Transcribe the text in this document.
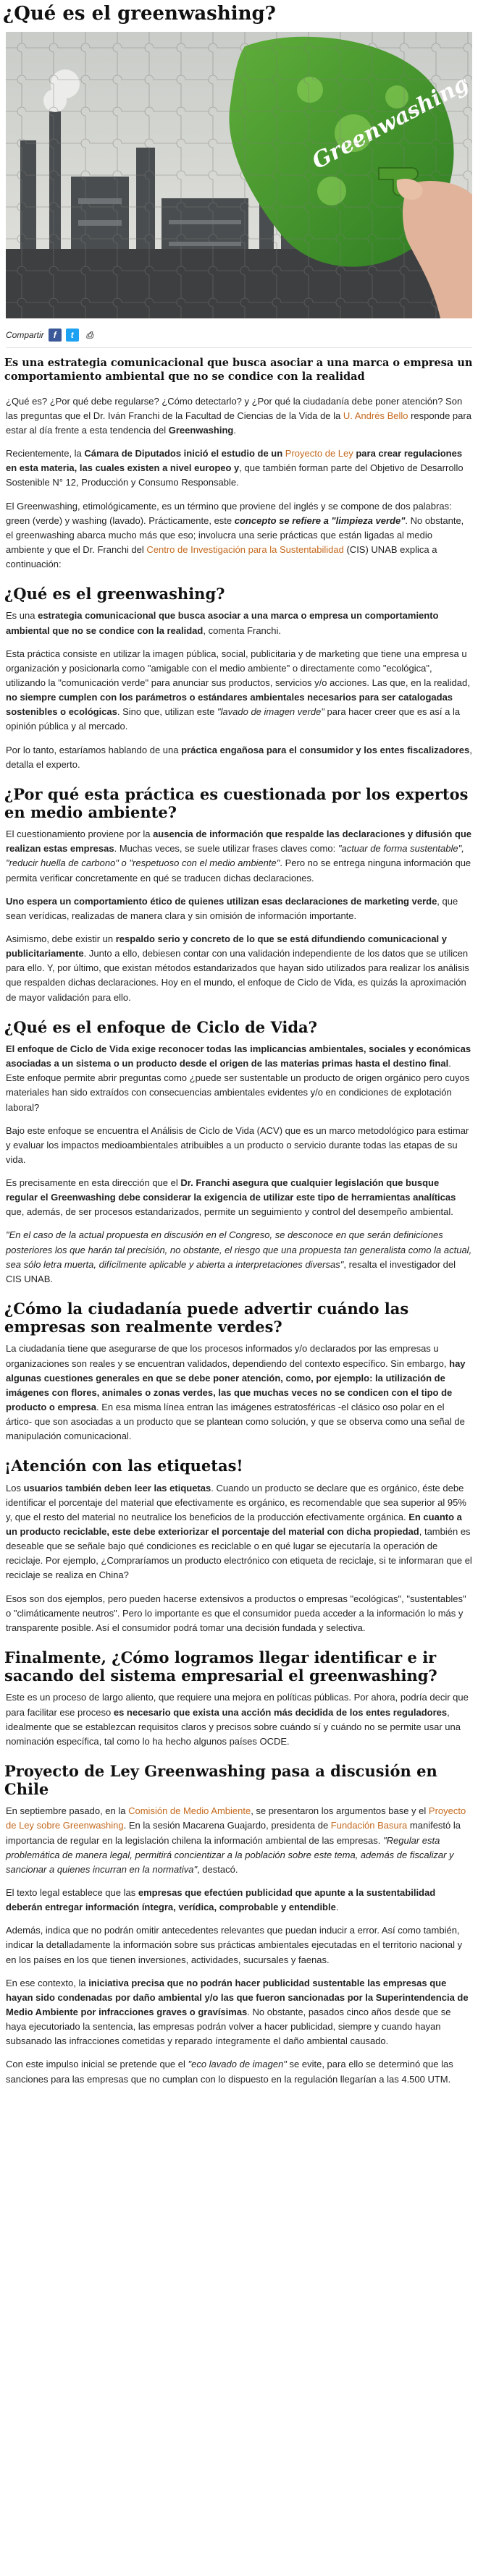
¿Qué es el greenwashing?
Compartir	f	t	⎙

Es una estrategia comunicacional que busca asociar a una marca o empresa un comportamiento ambiental que no se condice con la realidad

¿Qué es? ¿Por qué debe regularse? ¿Cómo detectarlo? y ¿Por qué la ciudadanía debe poner atención? Son las preguntas que el Dr. Iván Franchi de la Facultad de Ciencias de la Vida de la U. Andrés Bello responde para estar al día frente a esta tendencia del Greenwashing.

Recientemente, la Cámara de Diputados inició el estudio de un Proyecto de Ley para crear regulaciones en esta materia, las cuales existen a nivel europeo y, que también forman parte del Objetivo de Desarrollo Sostenible N° 12, Producción y Consumo Responsable.

El Greenwashing, etimológicamente, es un término que proviene del inglés y se compone de dos palabras: green (verde) y washing (lavado). Prácticamente, este concepto se refiere a "limpieza verde". No obstante, el greenwashing abarca mucho más que eso; involucra una serie prácticas que están ligadas al medio ambiente y que el Dr. Franchi del Centro de Investigación para la Sustentabilidad (CIS) UNAB explica a continuación:

¿Qué es el greenwashing?

Es una estrategia comunicacional que busca asociar a una marca o empresa un comportamiento ambiental que no se condice con la realidad, comenta Franchi.

Esta práctica consiste en utilizar la imagen pública, social, publicitaria y de marketing que tiene una empresa u organización y posicionarla como "amigable con el medio ambiente" o directamente como "ecológica", utilizando la "comunicación verde" para anunciar sus productos, servicios y/o acciones. Las que, en la realidad, no siempre cumplen con los parámetros o estándares ambientales necesarios para ser catalogadas sostenibles o ecológicas. Sino que, utilizan este "lavado de imagen verde" para hacer creer que es así a la opinión pública y al mercado.

Por lo tanto, estaríamos hablando de una práctica engañosa para el consumidor y los entes fiscalizadores, detalla el experto.

¿Por qué esta práctica es cuestionada por los expertos en medio ambiente?

El cuestionamiento proviene por la ausencia de información que respalde las declaraciones y difusión que realizan estas empresas. Muchas veces, se suele utilizar frases claves como: "actuar de forma sustentable", "reducir huella de carbono" o "respetuoso con el medio ambiente". Pero no se entrega ninguna información que permita verificar concretamente en qué se traducen dichas declaraciones.

Uno espera un comportamiento ético de quienes utilizan esas declaraciones de marketing verde, que sean verídicas, realizadas de manera clara y sin omisión de información importante.

Asimismo, debe existir un respaldo serio y concreto de lo que se está difundiendo comunicacional y publicitariamente. Junto a ello, debiesen contar con una validación independiente de los datos que se utilicen para ello. Y, por último, que existan métodos estandarizados que hayan sido utilizados para realizar los análisis que respalden dichas declaraciones. Hoy en el mundo, el enfoque de Ciclo de Vida, es quizás la aproximación de mayor validación para ello.

¿Qué es el enfoque de Ciclo de Vida?

El enfoque de Ciclo de Vida exige reconocer todas las implicancias ambientales, sociales y económicas asociadas a un sistema o un producto desde el origen de las materias primas hasta el destino final. Este enfoque permite abrir preguntas como ¿puede ser sustentable un producto de origen orgánico pero cuyos materiales han sido extraídos con consecuencias ambientales evidentes y/o en condiciones de explotación laboral?

Bajo este enfoque se encuentra el Análisis de Ciclo de Vida (ACV) que es un marco metodológico para estimar y evaluar los impactos medioambientales atribuibles a un producto o servicio durante todas las etapas de su vida.

Es precisamente en esta dirección que el Dr. Franchi asegura que cualquier legislación que busque regular el Greenwashing debe considerar la exigencia de utilizar este tipo de herramientas analíticas que, además, de ser procesos estandarizados, permite un seguimiento y control del desempeño ambiental.

"En el caso de la actual propuesta en discusión en el Congreso, se desconoce en que serán definiciones posteriores los que harán tal precisión, no obstante, el riesgo que una propuesta tan generalista como la actual, sea sólo letra muerta, difícilmente aplicable y abierta a interpretaciones diversas", resalta el investigador del CIS UNAB.

¿Cómo la ciudadanía puede advertir cuándo las empresas son realmente verdes?

La ciudadanía tiene que asegurarse de que los procesos informados y/o declarados por las empresas u organizaciones son reales y se encuentran validados, dependiendo del contexto específico. Sin embargo, hay algunas cuestiones generales en que se debe poner atención, como, por ejemplo: la utilización de imágenes con flores, animales o zonas verdes, las que muchas veces no se condicen con el tipo de producto o empresa. En esa misma línea entran las imágenes estratosféricas -el clásico oso polar en el ártico- que son asociadas a un producto que se plantean como solución, y que se observa como una señal de manipulación comunicacional.

¡Atención con las etiquetas!

Los usuarios también deben leer las etiquetas. Cuando un producto se declare que es orgánico, éste debe identificar el porcentaje del material que efectivamente es orgánico, es recomendable que sea superior al 95% y, que el resto del material no neutralice los beneficios de la producción efectivamente orgánica. En cuanto a un producto reciclable, este debe exteriorizar el porcentaje del material con dicha propiedad, también es deseable que se señale bajo qué condiciones es reciclable o en qué lugar se ejecutaría la operación de reciclaje. Por ejemplo, ¿Compraríamos un producto electrónico con etiqueta de reciclaje, si te informaran que el reciclaje se realiza en China?

Esos son dos ejemplos, pero pueden hacerse extensivos a productos o empresas "ecológicas", "sustentables" o "climáticamente neutros". Pero lo importante es que el consumidor pueda acceder a la información lo más y transparente posible. Así el consumidor podrá tomar una decisión fundada y selectiva.

Finalmente, ¿Cómo logramos llegar identificar e ir sacando del sistema empresarial el greenwashing?

Este es un proceso de largo aliento, que requiere una mejora en políticas públicas. Por ahora, podría decir que para facilitar ese proceso es necesario que exista una acción más decidida de los entes reguladores, idealmente que se establezcan requisitos claros y precisos sobre cuándo sí y cuándo no se permite usar una nominación específica, tal como lo ha hecho algunos países OCDE.

Proyecto de Ley Greenwashing pasa a discusión en Chile

En septiembre pasado, en la Comisión de Medio Ambiente, se presentaron los argumentos base y el Proyecto de Ley sobre Greenwashing. En la sesión Macarena Guajardo, presidenta de Fundación Basura manifestó la importancia de regular en la legislación chilena la información ambiental de las empresas. "Regular esta problemática de manera legal, permitirá concientizar a la población sobre este tema, además de fiscalizar y sancionar a quienes incurran en la normativa", destacó.

El texto legal establece que las empresas que efectúen publicidad que apunte a la sustentabilidad deberán entregar información íntegra, verídica, comprobable y entendible.

Además, indica que no podrán omitir antecedentes relevantes que puedan inducir a error. Así como también, indicar la detalladamente la información sobre sus prácticas ambientales ejecutadas en el territorio nacional y en los países en los que tienen inversiones, actividades, sucursales y faenas.

En ese contexto, la iniciativa precisa que no podrán hacer publicidad sustentable las empresas que hayan sido condenadas por daño ambiental y/o las que fueron sancionadas por la Superintendencia de Medio Ambiente por infracciones graves o gravísimas. No obstante, pasados cinco años desde que se haya ejecutoriado la sentencia, las empresas podrán volver a hacer publicidad, siempre y cuando hayan subsanado las infracciones cometidas y reparado íntegramente el daño ambiental causado.

Con este impulso inicial se pretende que el "eco lavado de imagen" se evite, para ello se determinó que las sanciones para las empresas que no cumplan con lo dispuesto en la regulación llegarían a las 4.500 UTM.
